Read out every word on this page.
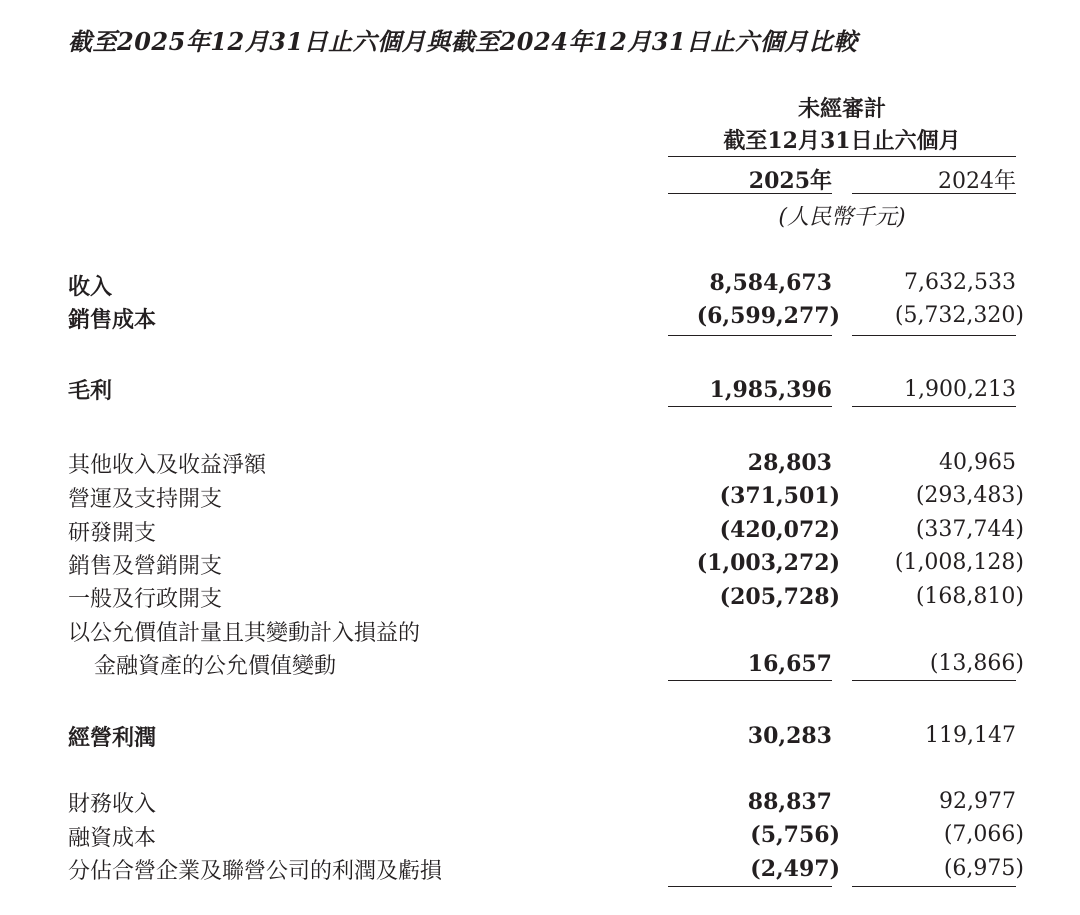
截至2025年12月31日止六個月與截至2024年12月31日止六個月比較
未經審計
截至12月31日止六個月
2025年	2024年
(人民幣千元)
收入	8,584,673	7,632,533
銷售成本	(6,599,277)	(5,732,320)
毛利	1,985,396	1,900,213
其他收入及收益淨額	28,803	40,965
營運及支持開支	(371,501)	(293,483)
研發開支	(420,072)	(337,744)
銷售及營銷開支	(1,003,272)	(1,008,128)
一般及行政開支	(205,728)	(168,810)
以公允價值計量且其變動計入損益的
金融資產的公允價值變動	16,657	(13,866)
經營利潤	30,283	119,147
財務收入	88,837	92,977
融資成本	(5,756)	(7,066)
分佔合營企業及聯營公司的利潤及虧損	(2,497)	(6,975)
